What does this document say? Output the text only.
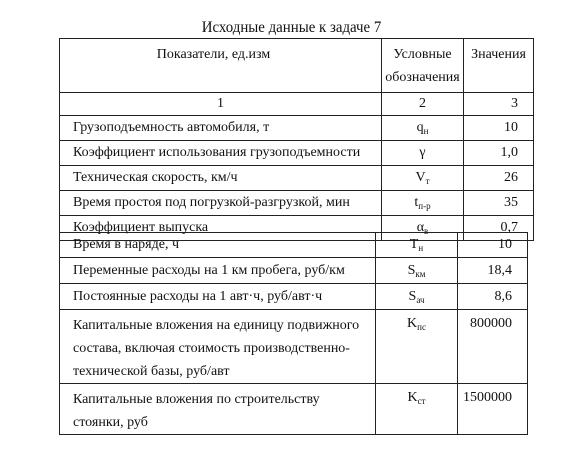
Исходные данные к задаче 7
Показатели, ед.изм	Условные обозначения	Значения
1	2	3
Грузоподъемность автомобиля, т	$q_н$	10
Коэффициент использования грузоподъемности	γ	1,0
Техническая скорость, км/ч	$V_т$	26
Время простоя под погрузкой-разгрузкой, мин	$t_{п-р}$	35
Коэффициент выпуска	$\alpha_в$	0,7
Время в наряде, ч	$T_н$	10
Переменные расходы на 1 км пробега, руб/км	$S_{км}$	18,4
Постоянные расходы на 1 авт·ч, руб/авт·ч	$S_{ач}$	8,6
Капитальные вложения на единицу подвижного состава, включая стоимость производственно-технической базы, руб/авт	$K_{пс}$	800000
Капитальные вложения по строительству стоянки, руб	$K_{ст}$	1500000
